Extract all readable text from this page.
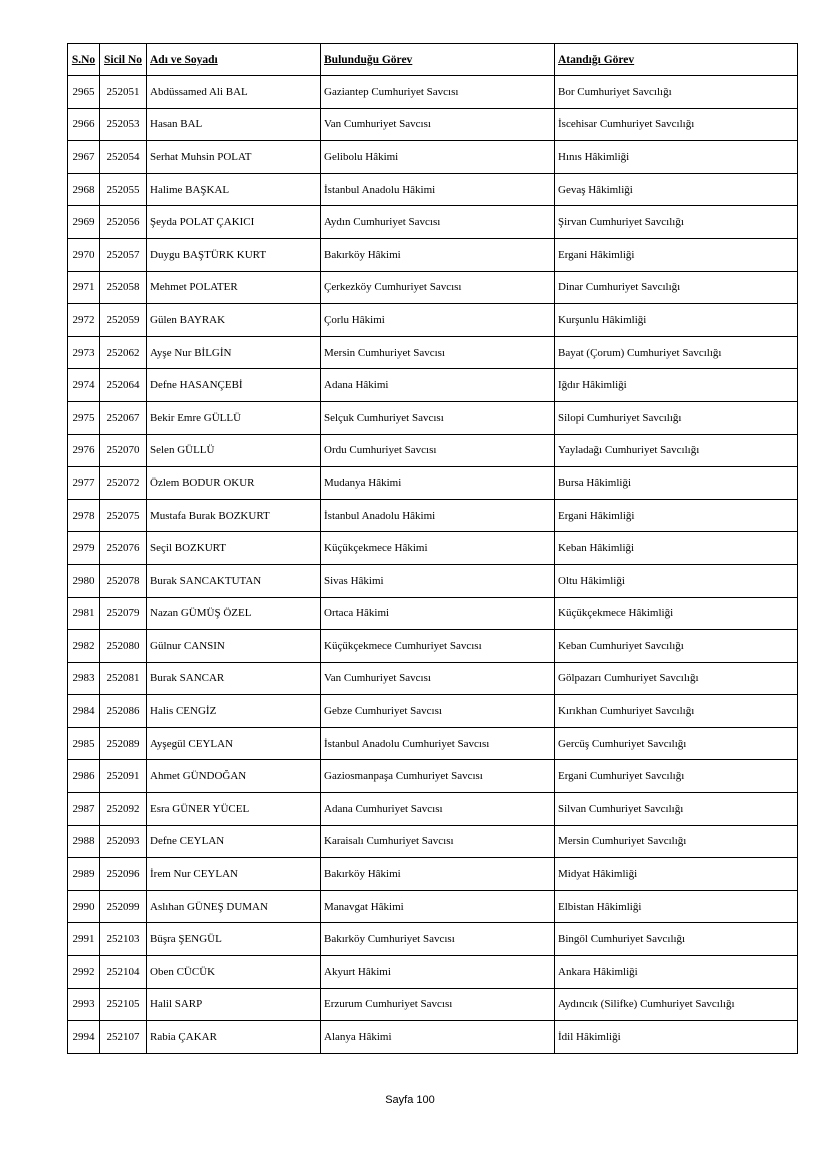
S.No	Sicil No	Adı ve Soyadı	Bulunduğu Görev	Atandığı Görev
2965	252051	Abdüssamed Ali BAL	Gaziantep Cumhuriyet Savcısı	Bor Cumhuriyet Savcılığı
2966	252053	Hasan BAL	Van Cumhuriyet Savcısı	İscehisar Cumhuriyet Savcılığı
2967	252054	Serhat Muhsin POLAT	Gelibolu Hâkimi	Hınıs Hâkimliği
2968	252055	Halime BAŞKAL	İstanbul Anadolu Hâkimi	Gevaş Hâkimliği
2969	252056	Şeyda POLAT ÇAKICI	Aydın Cumhuriyet Savcısı	Şirvan Cumhuriyet Savcılığı
2970	252057	Duygu BAŞTÜRK KURT	Bakırköy Hâkimi	Ergani Hâkimliği
2971	252058	Mehmet POLATER	Çerkezköy Cumhuriyet Savcısı	Dinar Cumhuriyet Savcılığı
2972	252059	Gülen BAYRAK	Çorlu Hâkimi	Kurşunlu Hâkimliği
2973	252062	Ayşe Nur BİLGİN	Mersin Cumhuriyet Savcısı	Bayat (Çorum) Cumhuriyet Savcılığı
2974	252064	Defne HASANÇEBİ	Adana Hâkimi	Iğdır Hâkimliği
2975	252067	Bekir Emre GÜLLÜ	Selçuk Cumhuriyet Savcısı	Silopi Cumhuriyet Savcılığı
2976	252070	Selen GÜLLÜ	Ordu Cumhuriyet Savcısı	Yayladağı Cumhuriyet Savcılığı
2977	252072	Özlem BODUR OKUR	Mudanya Hâkimi	Bursa Hâkimliği
2978	252075	Mustafa Burak BOZKURT	İstanbul Anadolu Hâkimi	Ergani Hâkimliği
2979	252076	Seçil BOZKURT	Küçükçekmece Hâkimi	Keban Hâkimliği
2980	252078	Burak SANCAKTUTAN	Sivas Hâkimi	Oltu Hâkimliği
2981	252079	Nazan GÜMÜŞ ÖZEL	Ortaca Hâkimi	Küçükçekmece Hâkimliği
2982	252080	Gülnur CANSIN	Küçükçekmece Cumhuriyet Savcısı	Keban Cumhuriyet Savcılığı
2983	252081	Burak SANCAR	Van Cumhuriyet Savcısı	Gölpazarı Cumhuriyet Savcılığı
2984	252086	Halis CENGİZ	Gebze Cumhuriyet Savcısı	Kırıkhan Cumhuriyet Savcılığı
2985	252089	Ayşegül CEYLAN	İstanbul Anadolu Cumhuriyet Savcısı	Gercüş Cumhuriyet Savcılığı
2986	252091	Ahmet GÜNDOĞAN	Gaziosmanpaşa Cumhuriyet Savcısı	Ergani Cumhuriyet Savcılığı
2987	252092	Esra GÜNER YÜCEL	Adana Cumhuriyet Savcısı	Silvan Cumhuriyet Savcılığı
2988	252093	Defne CEYLAN	Karaisalı Cumhuriyet Savcısı	Mersin Cumhuriyet Savcılığı
2989	252096	İrem Nur CEYLAN	Bakırköy Hâkimi	Midyat Hâkimliği
2990	252099	Aslıhan GÜNEŞ DUMAN	Manavgat Hâkimi	Elbistan Hâkimliği
2991	252103	Büşra ŞENGÜL	Bakırköy Cumhuriyet Savcısı	Bingöl Cumhuriyet Savcılığı
2992	252104	Oben CÜCÜK	Akyurt Hâkimi	Ankara Hâkimliği
2993	252105	Halil SARP	Erzurum Cumhuriyet Savcısı	Aydıncık (Silifke) Cumhuriyet Savcılığı
2994	252107	Rabia ÇAKAR	Alanya Hâkimi	İdil Hâkimliği
Sayfa 100
